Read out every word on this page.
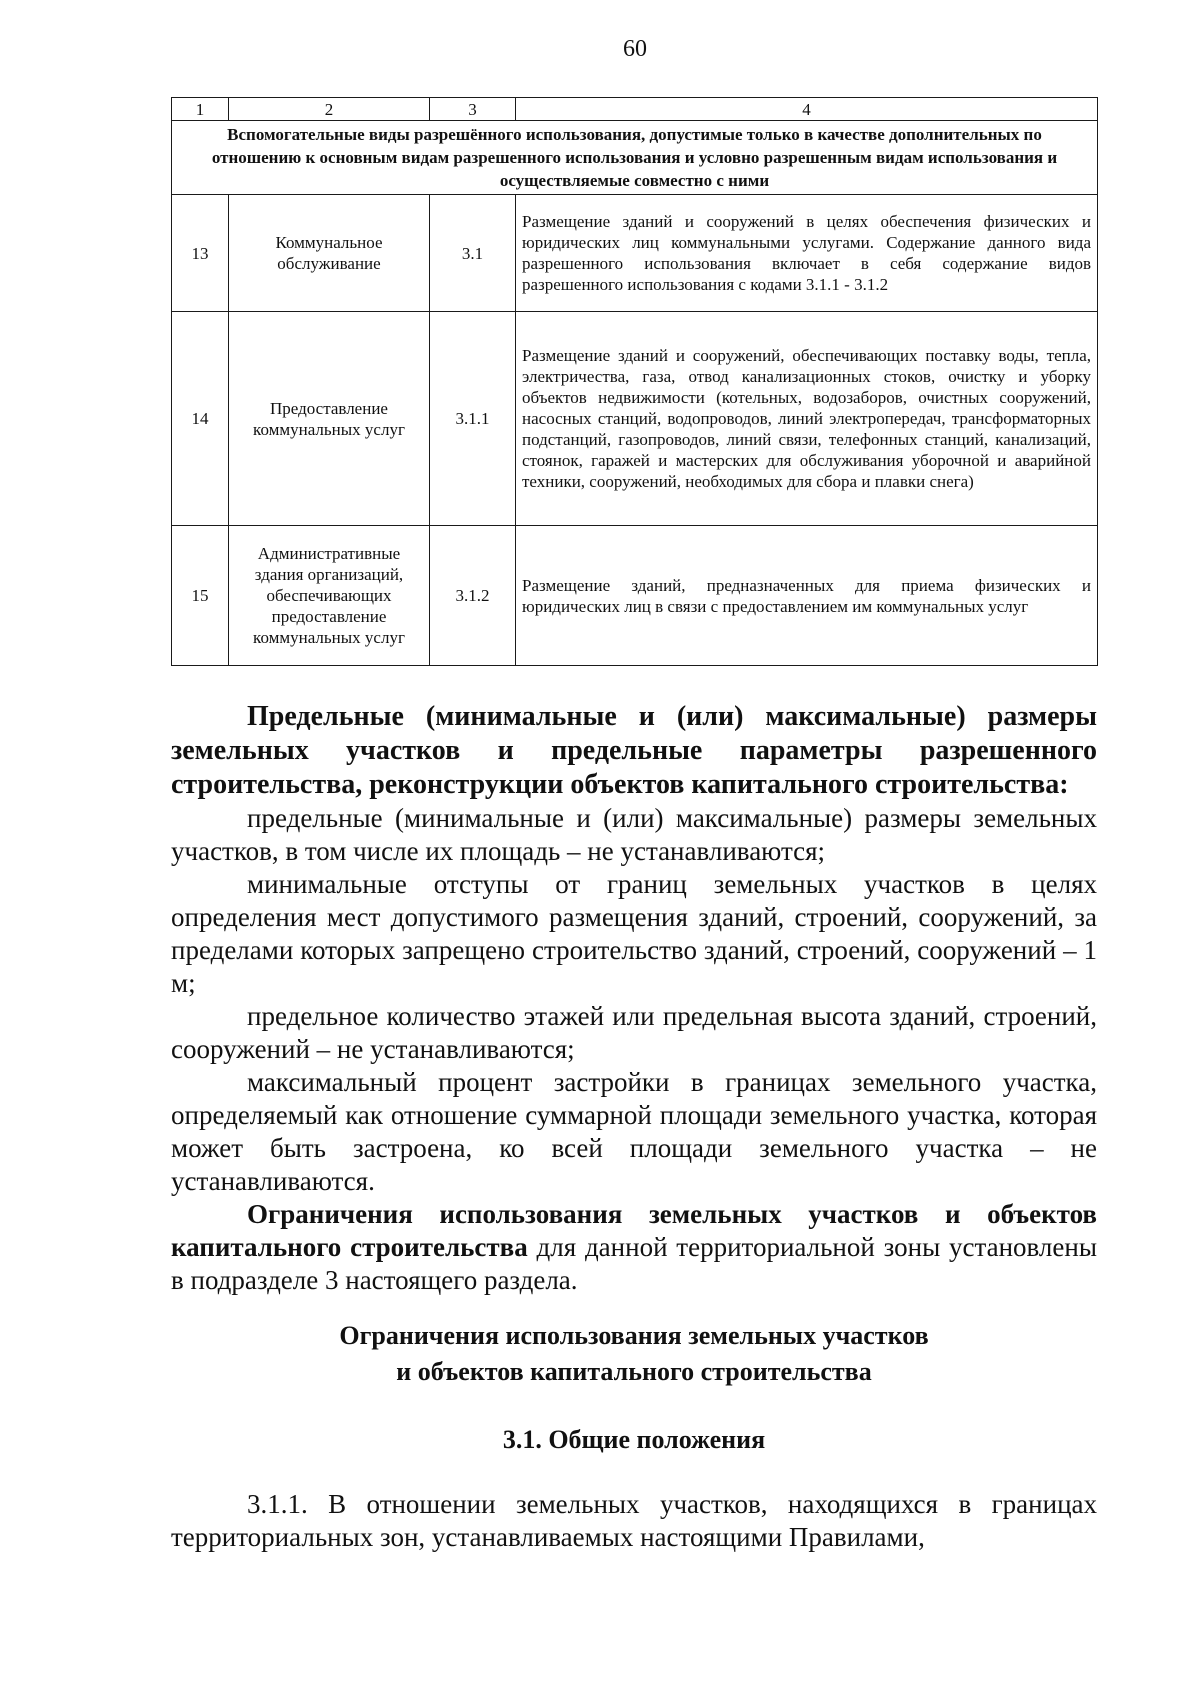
60
1	2	3	4
Вспомогательные виды разрешённого использования, допустимые только в качестве дополнительных по отношению к основным видам разрешенного использования и условно разрешенным видам использования и осуществляемые совместно с ними			
13	Коммунальное обслуживание	3.1	Размещение зданий и сооружений в целях обеспечения физических и юридических лиц коммунальными услугами. Содержание данного вида разрешенного использования включает в себя содержание видов разрешенного использования с кодами 3.1.1 - 3.1.2
14	Предоставление коммунальных услуг	3.1.1	Размещение зданий и сооружений, обеспечивающих поставку воды, тепла, электричества, газа, отвод канализационных стоков, очистку и уборку объектов недвижимости (котельных, водозаборов, очистных сооружений, насосных станций, водопроводов, линий электропередач, трансформаторных подстанций, газопроводов, линий связи, телефонных станций, канализаций, стоянок, гаражей и мастерских для обслуживания уборочной и аварийной техники, сооружений, необходимых для сбора и плавки снега)
15	Административные здания организаций, обеспечивающих предоставление коммунальных услуг	3.1.2	Размещение зданий, предназначенных для приема физических и юридических лиц в связи с предоставлением им коммунальных услуг

Предельные (минимальные и (или) максимальные) размеры земельных участков и предельные параметры разрешенного строительства, реконструкции объектов капитального строительства:

предельные (минимальные и (или) максимальные) размеры земельных участков, в том числе их площадь – не устанавливаются;

минимальные отступы от границ земельных участков в целях определения мест допустимого размещения зданий, строений, сооружений, за пределами которых запрещено строительство зданий, строений, сооружений – 1 м;

предельное количество этажей или предельная высота зданий, строений, сооружений – не устанавливаются;

максимальный процент застройки в границах земельного участка, определяемый как отношение суммарной площади земельного участка, которая может быть застроена, ко всей площади земельного участка – не устанавливаются.

Ограничения использования земельных участков и объектов капитального строительства для данной территориальной зоны установлены в подразделе 3 настоящего раздела.

Ограничения использования земельных участков
и объектов капитального строительства
3.1. Общие положения

3.1.1. В отношении земельных участков, находящихся в границах территориальных зон, устанавливаемых настоящими Правилами,
